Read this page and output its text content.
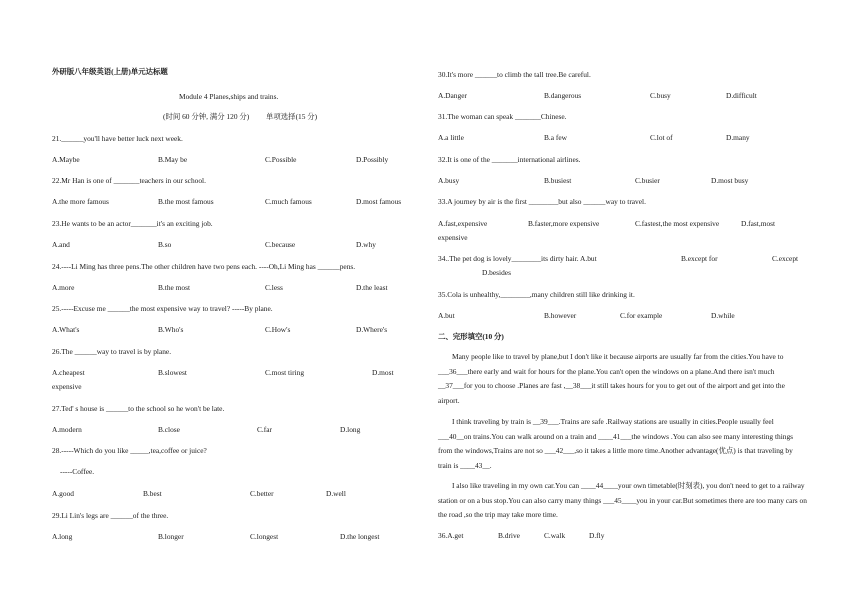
外研版八年级英语(上册)单元达标题
Module 4 Planes,ships and trains.
(时间 60 分钟, 满分 120 分) 单项选择(15 分)
21.______you'll have better luck next week.
A.Maybe	B.May be	C.Possible	D.Possibly
22.Mr Han is one of _______teachers in our school.
A.the more famous	B.the most famous	C.much famous	D.most famous
23.He wants to be an actor_______it's an exciting job.
A.and	B.so	C.because	D.why
24.----Li Ming has three pens.The other children have two pens each. ----Oh,Li Ming has ______pens.
A.more	B.the most	C.less	D.the least
25.-----Excuse me ______the most expensive way to travel? -----By plane.
A.What's	B.Who's	C.How's	D.Where's
26.The ______way to travel is by plane.
A.cheapest	B.slowest	C.most tiring	D.most
expensive
27.Ted' s house is ______to the school so he won't be late.
A.modern	B.close	C.far	D.long
28.-----Which do you like _____,tea,coffee or juice?
-----Coffee.
A.good	B.best	C.better	D.well
29.Li Lin's legs are ______of the three.
A.long	B.longer	C.longest	D.the longest
30.It's more ______to climb the tall tree.Be careful.
A.Danger	B.dangerous	C.busy	D.difficult
31.The woman can speak _______Chinese.
A.a little	B.a few	C.lot of	D.many
32.It is one of the _______international airlines.
A.busy	B.busiest	C.busier	D.most busy
33.A journey by air is the first ________but also ______way to travel.
A.fast,expensive	B.faster,more expensive	C.fastest,the most expensive	D.fast,most
expensive
34..The pet dog is lovely________its dirty hair. A.but	B.except for	C.except
D.besides
35.Cola is unhealthy,________,many children still like drinking it.
A.but	B.however	C.for example	D.while
二、完形填空(10 分)
Many people like to travel by plane,but I don't like it because airports are usually far from the cities.You have to ___36___there early and wait for hours for the plane.You can't open the windows on a plane.And there isn't much __37___for you to choose .Planes are fast ,__38___it still takes hours for you to get out of the airport and get into the airport.
I think traveling by train is __39___.Trains are safe .Railway stations are usually in cities.People usually feel ___40__on trains.You can walk around on a train and ____41___the windows .You can also see many interesting things from the windows,Trains are not so ___42___,so it takes a little more time.Another advantage(优点) is that traveling by train is ____43__.
I also like traveling in my own car.You can ____44____your own timetable(时刻表), you don't need to get to a railway station or on a bus stop.You can also carry many things ___45____you in your car.But sometimes there are too many cars on the road ,so the trip may take more time.
36.A.get	B.drive	C.walk	D.fly
